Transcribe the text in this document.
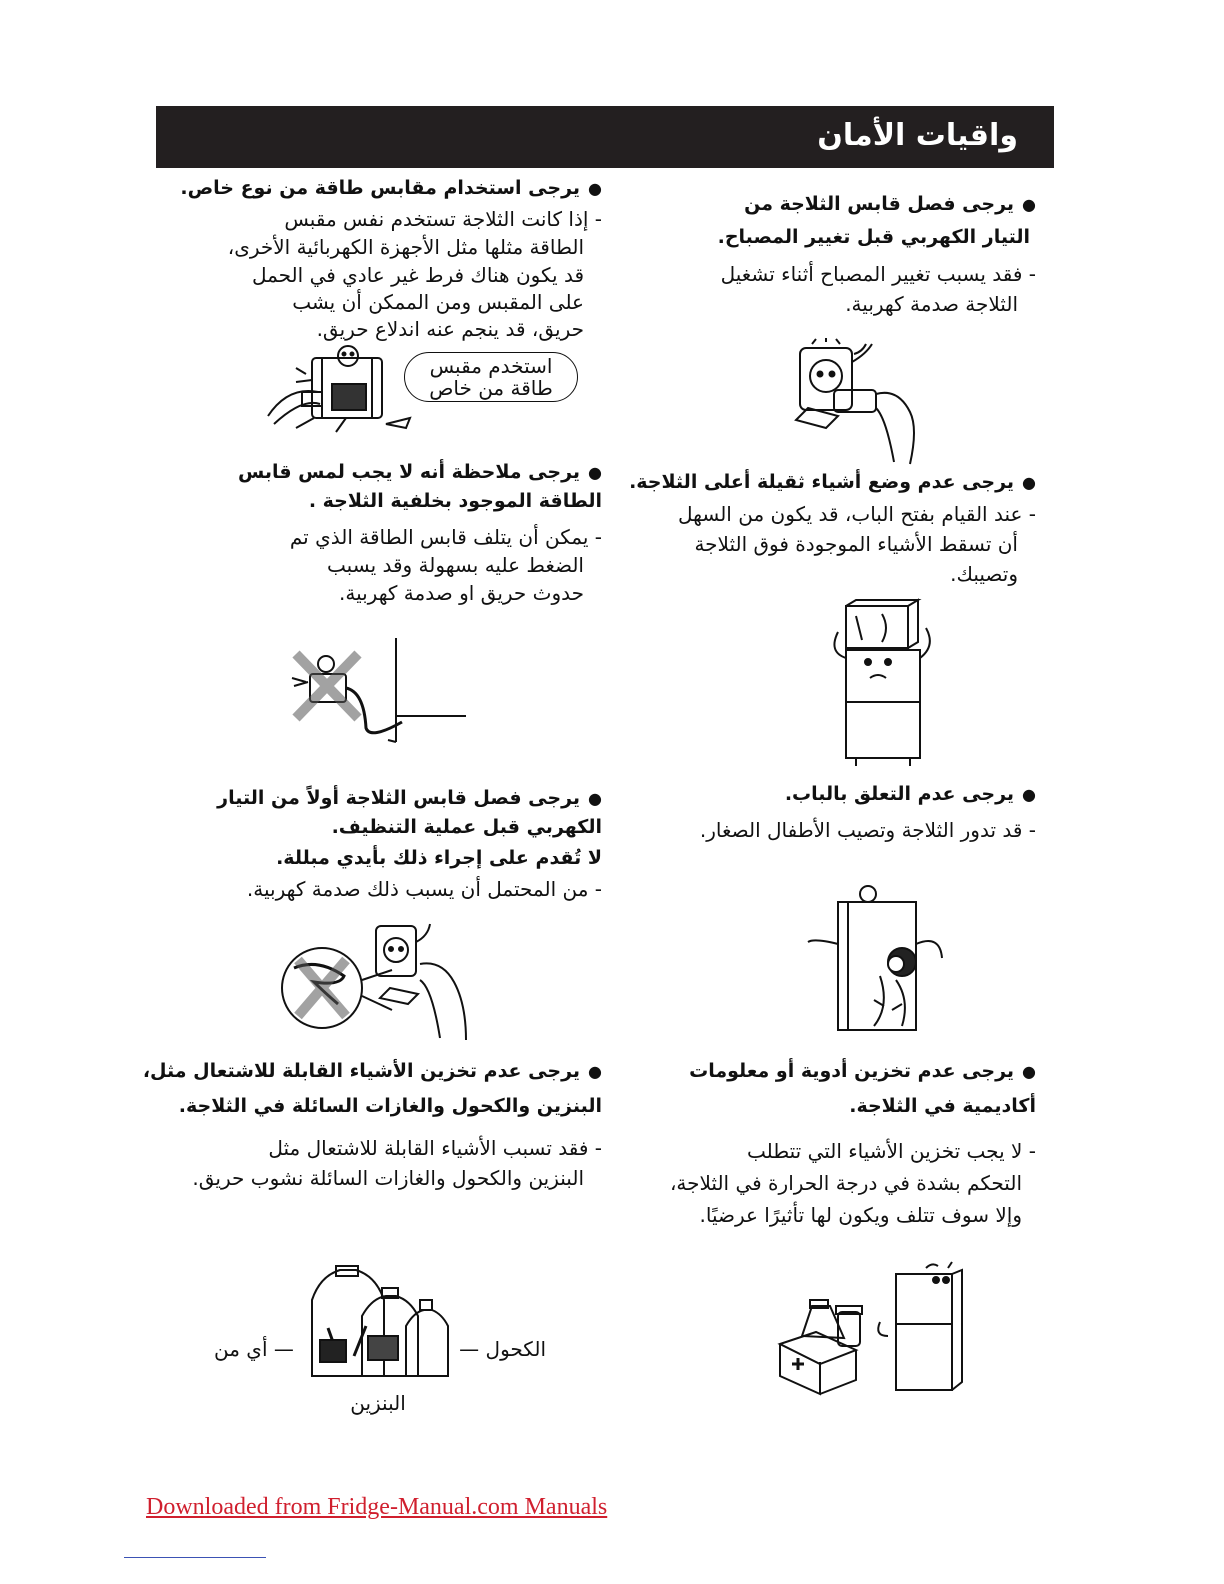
واقيات الأمان
●يرجى فصل قابس الثلاجة من
التيار الكهربي قبل تغيير المصباح.
- فقد يسبب تغيير المصباح أثناء تشغيل
الثلاجة صدمة كهربية.
●يرجى استخدام مقابس طاقة من نوع خاص.
- إذا كانت الثلاجة تستخدم نفس مقبس
الطاقة مثلها مثل الأجهزة الكهربائية الأخرى،
قد يكون هناك فرط غير عادي في الحمل
على المقبس ومن الممكن أن يشب
حريق، قد ينجم عنه اندلاع حريق.
●يرجى عدم وضع أشياء ثقيلة أعلى الثلاجة.
- عند القيام بفتح الباب، قد يكون من السهل
أن تسقط الأشياء الموجودة فوق الثلاجة
وتصيبك.
●يرجى ملاحظة أنه لا يجب لمس قابس
الطاقة الموجود بخلفية الثلاجة .
- يمكن أن يتلف قابس الطاقة الذي تم
الضغط عليه بسهولة وقد يسبب
حدوث حريق او صدمة كهربية.
●يرجى عدم التعلق بالباب.
- قد تدور الثلاجة وتصيب الأطفال الصغار.
●يرجى فصل قابس الثلاجة أولاً من التيار
الكهربي قبل عملية التنظيف.
لا تُقدم على إجراء ذلك بأيدي مبللة.
- من المحتمل أن يسبب ذلك صدمة كهربية.
●يرجى عدم تخزين أدوية أو معلومات
أكاديمية في الثلاجة.
- لا يجب تخزين الأشياء التي تتطلب
التحكم بشدة في درجة الحرارة في الثلاجة،
وإلا سوف تتلف ويكون لها تأثيرًا عرضيًا.
●يرجى عدم تخزين الأشياء القابلة للاشتعال مثل،
البنزين والكحول والغازات السائلة في الثلاجة.
- فقد تسبب الأشياء القابلة للاشتعال مثل
البنزين والكحول والغازات السائلة نشوب حريق.
استخدم مقبس
طاقة من خاص
الكحول —
— أي من
البنزين
Downloaded from Fridge-Manual.com Manuals
